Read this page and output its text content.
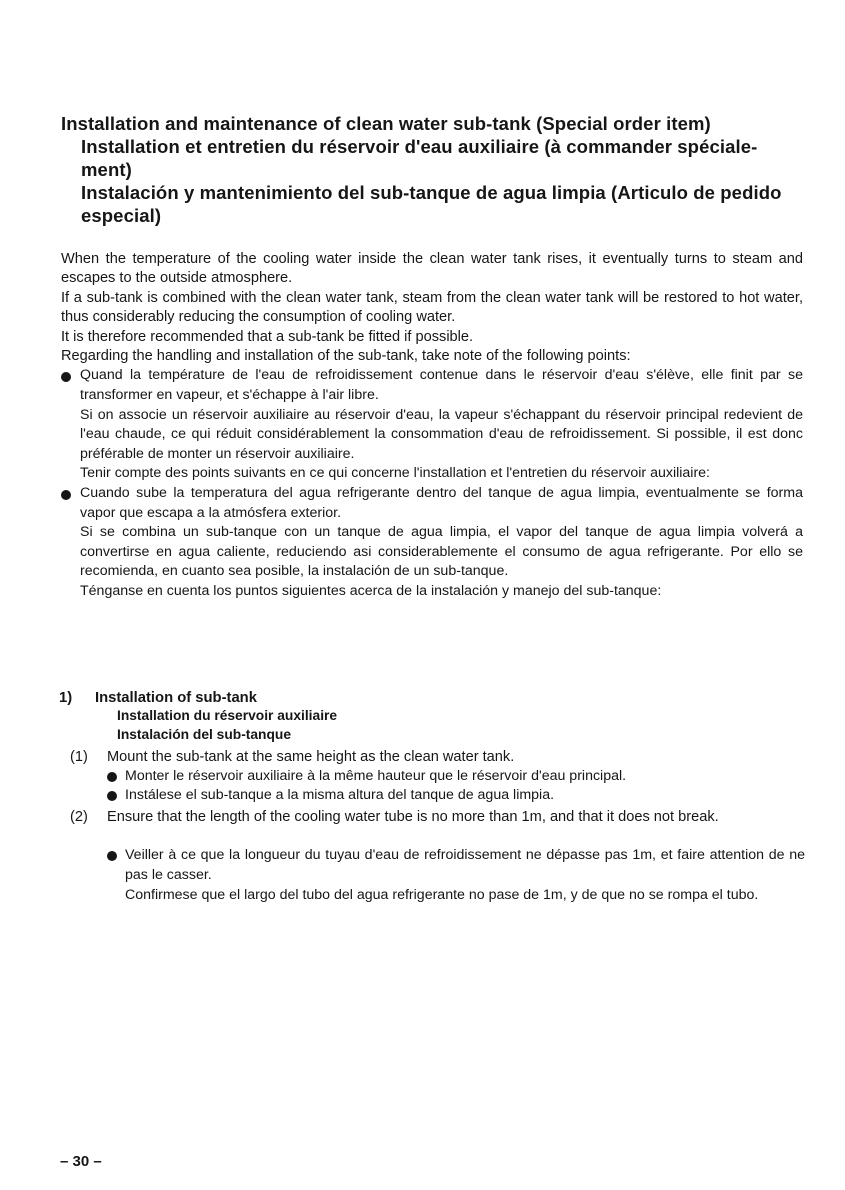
Installation and maintenance of clean water sub-tank (Special order item)

Installation et entretien du réservoir d'eau auxiliaire (à commander spéciale-ment)

Instalación y mantenimiento del sub-tanque de agua limpia (Articulo de pedido especial)

When the temperature of the cooling water inside the clean water tank rises, it eventually turns to steam and escapes to the outside atmosphere.

If a sub-tank is combined with the clean water tank, steam from the clean water tank will be restored to hot water, thus considerably reducing the consumption of cooling water.

It is therefore recommended that a sub-tank be fitted if possible.

Regarding the handling and installation of the sub-tank, take note of the following points:

Quand la température de l'eau de refroidissement contenue dans le réservoir d'eau s'élève, elle finit par se transformer en vapeur, et s'échappe à l'air libre.

Si on associe un réservoir auxiliaire au réservoir d'eau, la vapeur s'échappant du réservoir principal redevient de l'eau chaude, ce qui réduit considérablement la consommation d'eau de refroidissement. Si possible, il est donc préférable de monter un réservoir auxiliaire.

Tenir compte des points suivants en ce qui concerne l'installation et l'entretien du réservoir auxiliaire:

Cuando sube la temperatura del agua refrigerante dentro del tanque de agua limpia, eventualmente se forma vapor que escapa a la atmósfera exterior.

Si se combina un sub-tanque con un tanque de agua limpia, el vapor del tanque de agua limpia volverá a convertirse en agua caliente, reduciendo asi considerablemente el consumo de agua refrigerante. Por ello se recomienda, en cuanto sea posible, la instalación de un sub-tanque.

Ténganse en cuenta los puntos siguientes acerca de la instalación y manejo del sub-tanque:

1) Installation of sub-tank
Installation du réservoir auxiliaire
Instalación del sub-tanque
(1) Mount the sub-tank at the same height as the clean water tank.
Monter le réservoir auxiliaire à la même hauteur que le réservoir d'eau principal.
Instálese el sub-tanque a la misma altura del tanque de agua limpia.
(2) Ensure that the length of the cooling water tube is no more than 1m, and that it does not break.
Veiller à ce que la longueur du tuyau d'eau de refroidissement ne dépasse pas 1m, et faire attention de ne pas le casser.
Confirmese que el largo del tubo del agua refrigerante no pase de 1m, y de que no se rompa el tubo.
– 30 –
